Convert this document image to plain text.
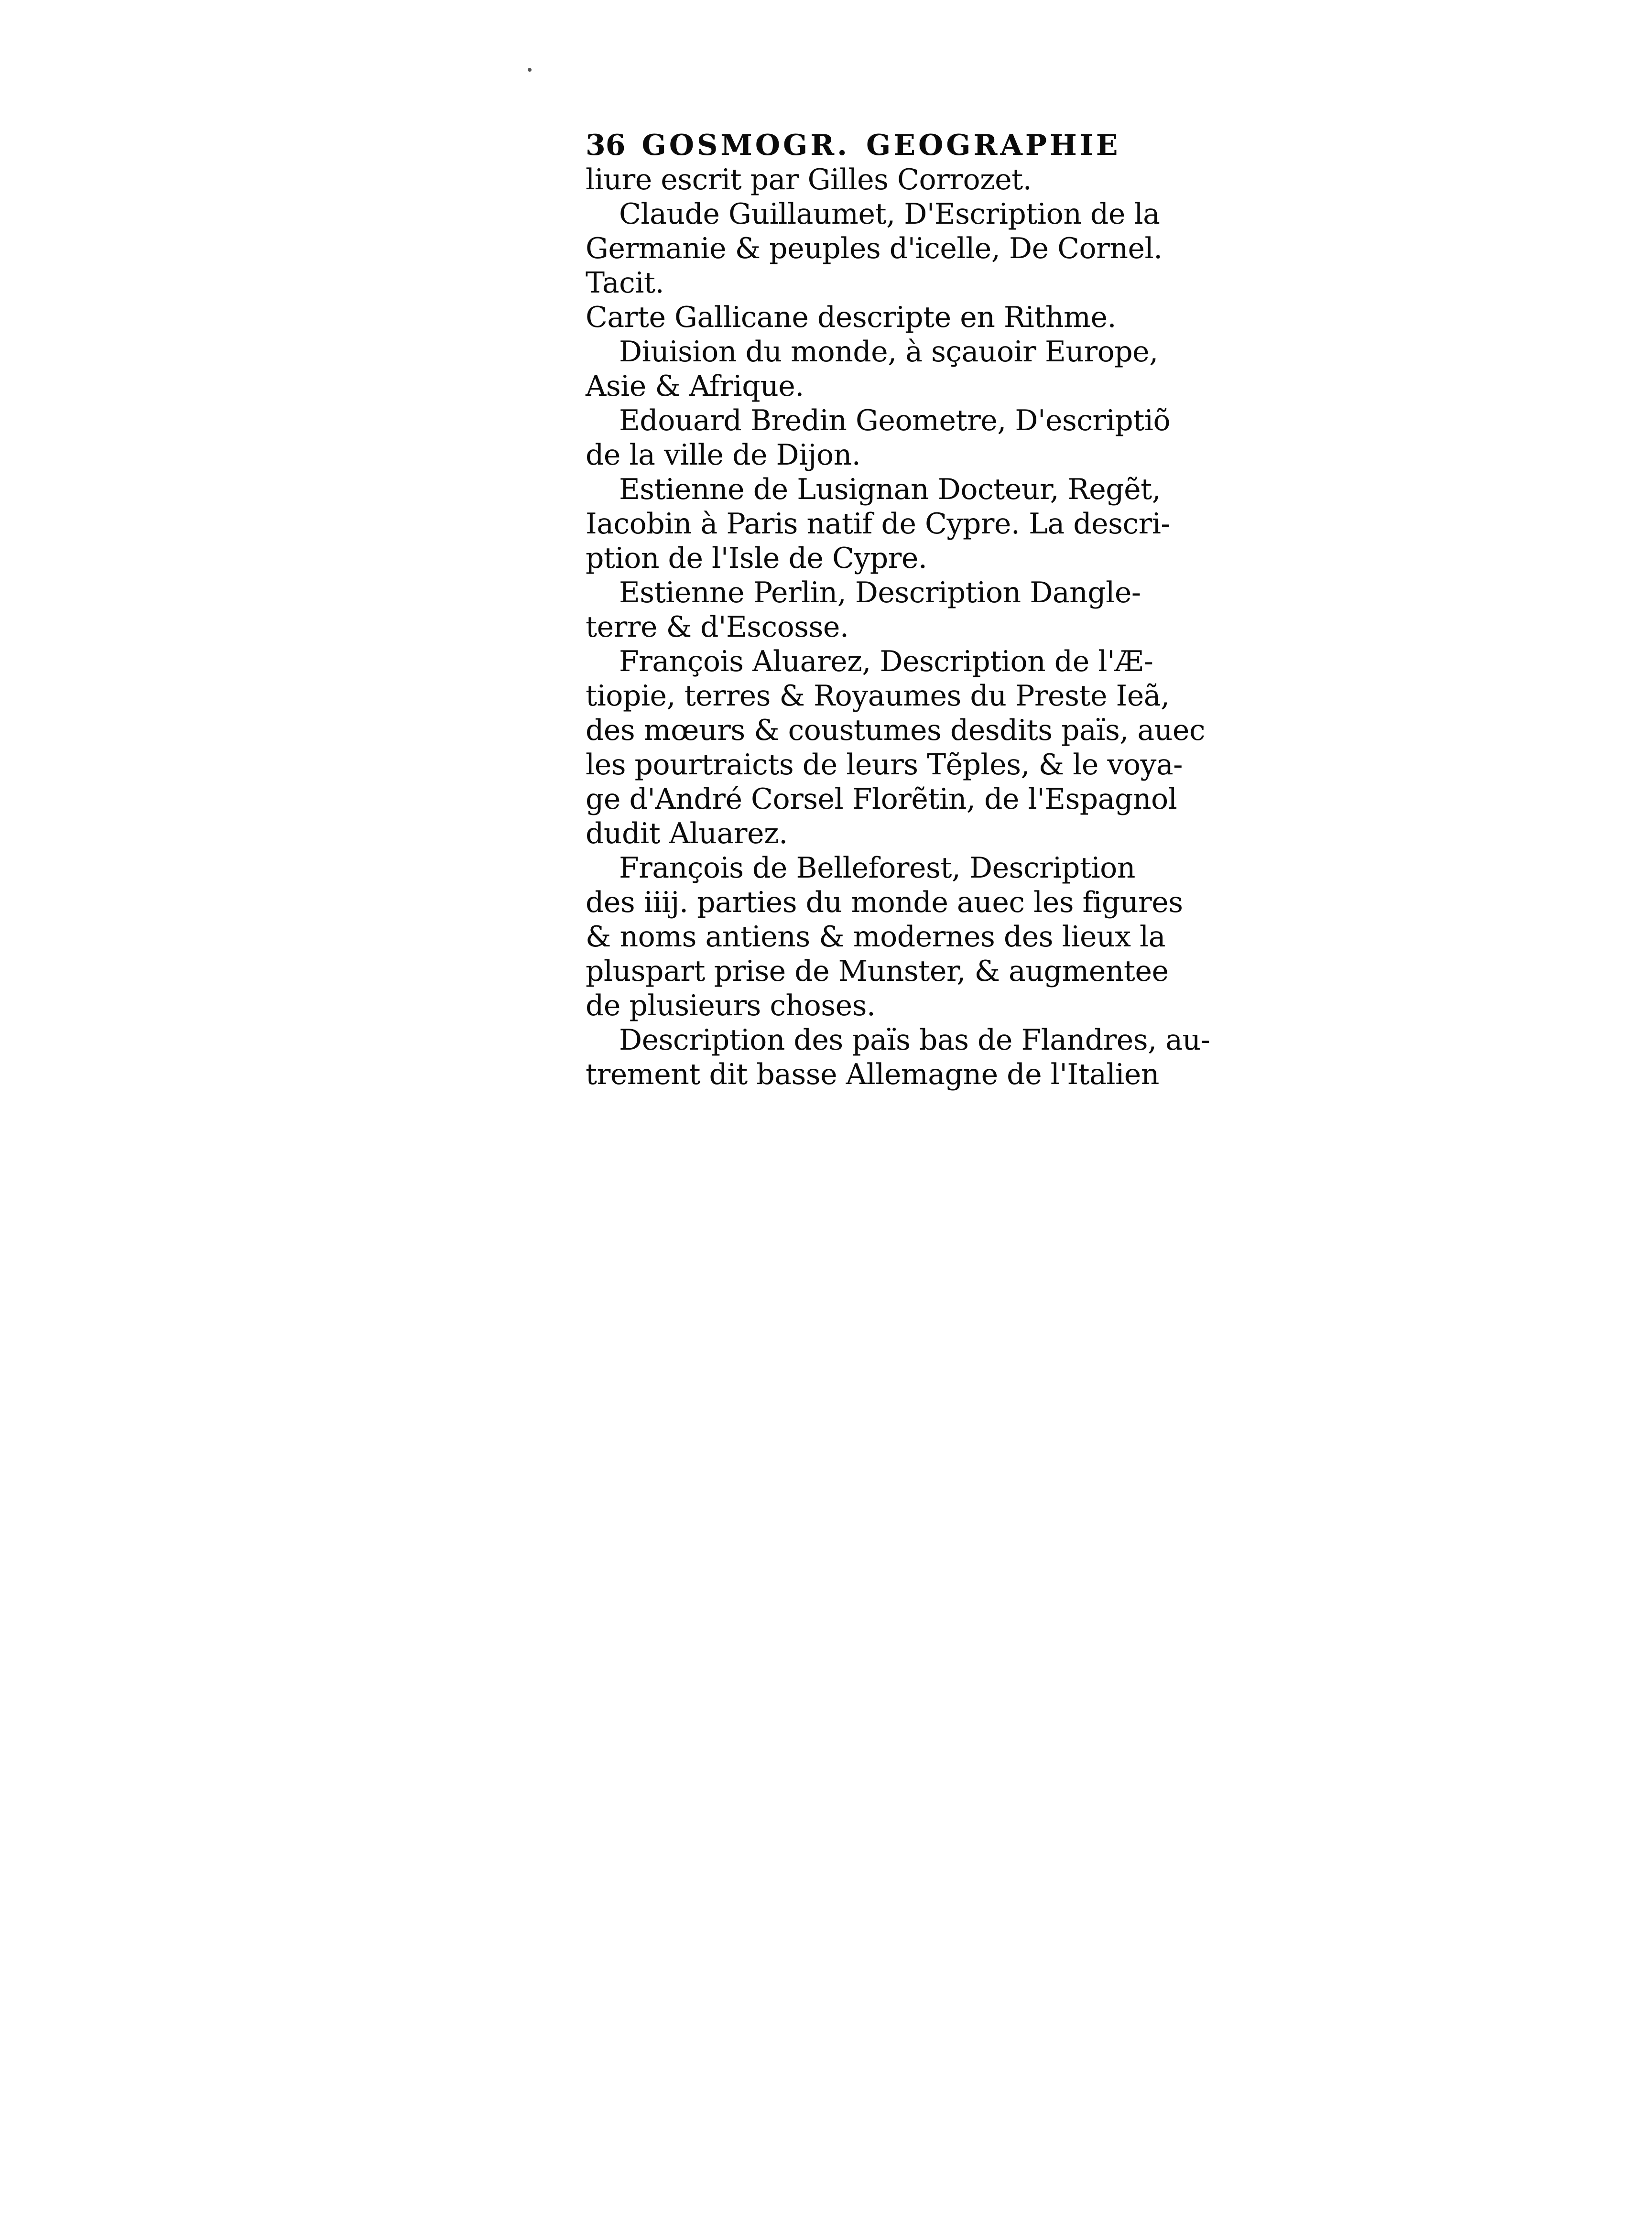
36 GOSMOGR. GEOGRAPHIE
liure escrit par Gilles Corrozet.
Claude Guillaumet, D'Escription de la
Germanie & peuples d'icelle, De Cornel.
Tacit.
Carte Gallicane descripte en Rithme.
Diuision du monde, à sçauoir Europe,
Asie & Afrique.
Edouard Bredin Geometre, D'escriptiõ
de la ville de Dijon.
Estienne de Lusignan Docteur, Regẽt,
Iacobin à Paris natif de Cypre. La descri-
ption de l'Isle de Cypre.
Estienne Perlin, Description Dangle-
terre & d'Escosse.
François Aluarez, Description de l'Æ-
tiopie, terres & Royaumes du Preste Ieã,
des mœurs & coustumes desdits païs, auec
les pourtraicts de leurs Tẽples, & le voya-
ge d'André Corsel Florẽtin, de l'Espagnol
dudit Aluarez.
François de Belleforest, Description
des iiij. parties du monde auec les figures
& noms antiens & modernes des lieux la
pluspart prise de Munster, & augmentee
de plusieurs choses.
Description des païs bas de Flandres, au-
trement dit basse Allemagne de l'Italien
